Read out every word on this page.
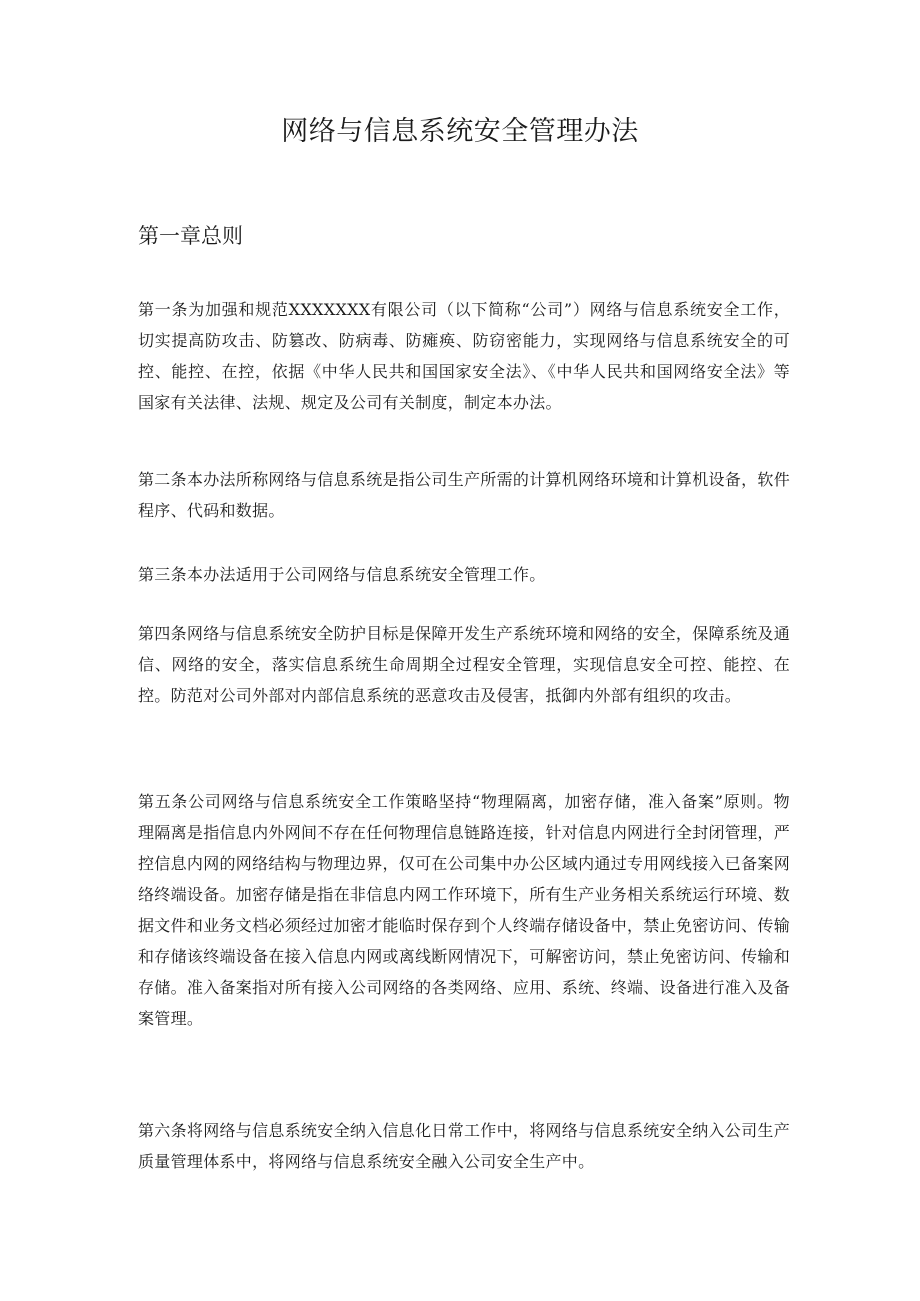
网络与信息系统安全管理办法
第一章总则

第一条为加强和规范XXXXXXX有限公司（以下简称“公司”）网络与信息系统安全工作，切实提高防攻击、防篡改、防病毒、防瘫痪、防窃密能力，实现网络与信息系统安全的可控、能控、在控，依据《中华人民共和国国家安全法》、《中华人民共和国网络安全法》等国家有关法律、法规、规定及公司有关制度，制定本办法。

第二条本办法所称网络与信息系统是指公司生产所需的计算机网络环境和计算机设备，软件程序、代码和数据。

第三条本办法适用于公司网络与信息系统安全管理工作。

第四条网络与信息系统安全防护目标是保障开发生产系统环境和网络的安全，保障系统及通信、网络的安全，落实信息系统生命周期全过程安全管理，实现信息安全可控、能控、在控。防范对公司外部对内部信息系统的恶意攻击及侵害，抵御内外部有组织的攻击。

第五条公司网络与信息系统安全工作策略坚持“物理隔离，加密存储，准入备案”原则。物理隔离是指信息内外网间不存在任何物理信息链路连接，针对信息内网进行全封闭管理，严控信息内网的网络结构与物理边界，仅可在公司集中办公区域内通过专用网线接入已备案网络终端设备。加密存储是指在非信息内网工作环境下，所有生产业务相关系统运行环境、数据文件和业务文档必须经过加密才能临时保存到个人终端存储设备中，禁止免密访问、传输和存储该终端设备在接入信息内网或离线断网情况下，可解密访问，禁止免密访问、传输和存储。准入备案指对所有接入公司网络的各类网络、应用、系统、终端、设备进行准入及备案管理。

第六条将网络与信息系统安全纳入信息化日常工作中，将网络与信息系统安全纳入公司生产质量管理体系中，将网络与信息系统安全融入公司安全生产中。
